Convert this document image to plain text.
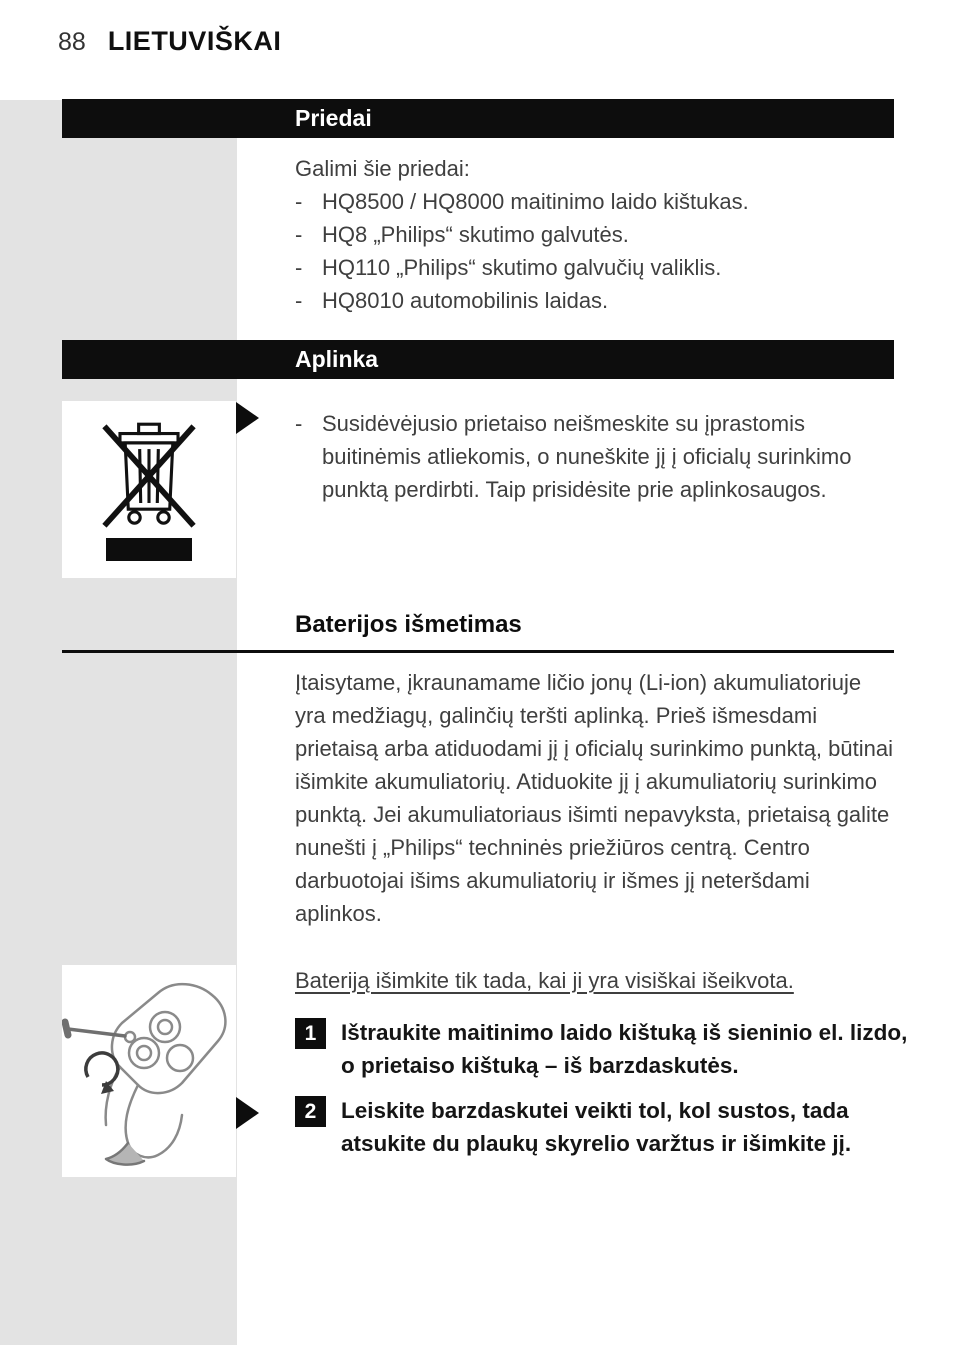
88 LIETUVIŠKAI
Priedai
Galimi šie priedai:
- HQ8500 / HQ8000 maitinimo laido kištukas.
- HQ8 „Philips“ skutimo galvutės.
- HQ110 „Philips“ skutimo galvučių valiklis.
- HQ8010 automobilinis laidas.
Aplinka
- Susidėvėjusio prietaiso neišmeskite su įprastomis buitinėmis atliekomis, o nuneškite jį į oficialų surinkimo punktą perdirbti. Taip prisidėsite prie aplinkosaugos.
Baterijos išmetimas
Įtaisytame, įkraunamame ličio jonų (Li-ion) akumuliatoriuje yra medžiagų, galinčių teršti aplinką. Prieš išmesdami prietaisą arba atiduodami jį į oficialų surinkimo punktą, būtinai išimkite akumuliatorių. Atiduokite jį į akumuliatorių surinkimo punktą. Jei akumuliatoriaus išimti nepavyksta, prietaisą galite nunešti į „Philips“ techninės priežiūros centrą. Centro darbuotojai išims akumuliatorių ir išmes jį neteršdami aplinkos.
Bateriją išimkite tik tada, kai ji yra visiškai išeikvota.
1	Ištraukite maitinimo laido kištuką iš sieninio el. lizdo, o prietaiso kištuką – iš barzdaskutės.
2	Leiskite barzdaskutei veikti tol, kol sustos, tada atsukite du plaukų skyrelio varžtus ir išimkite jį.
